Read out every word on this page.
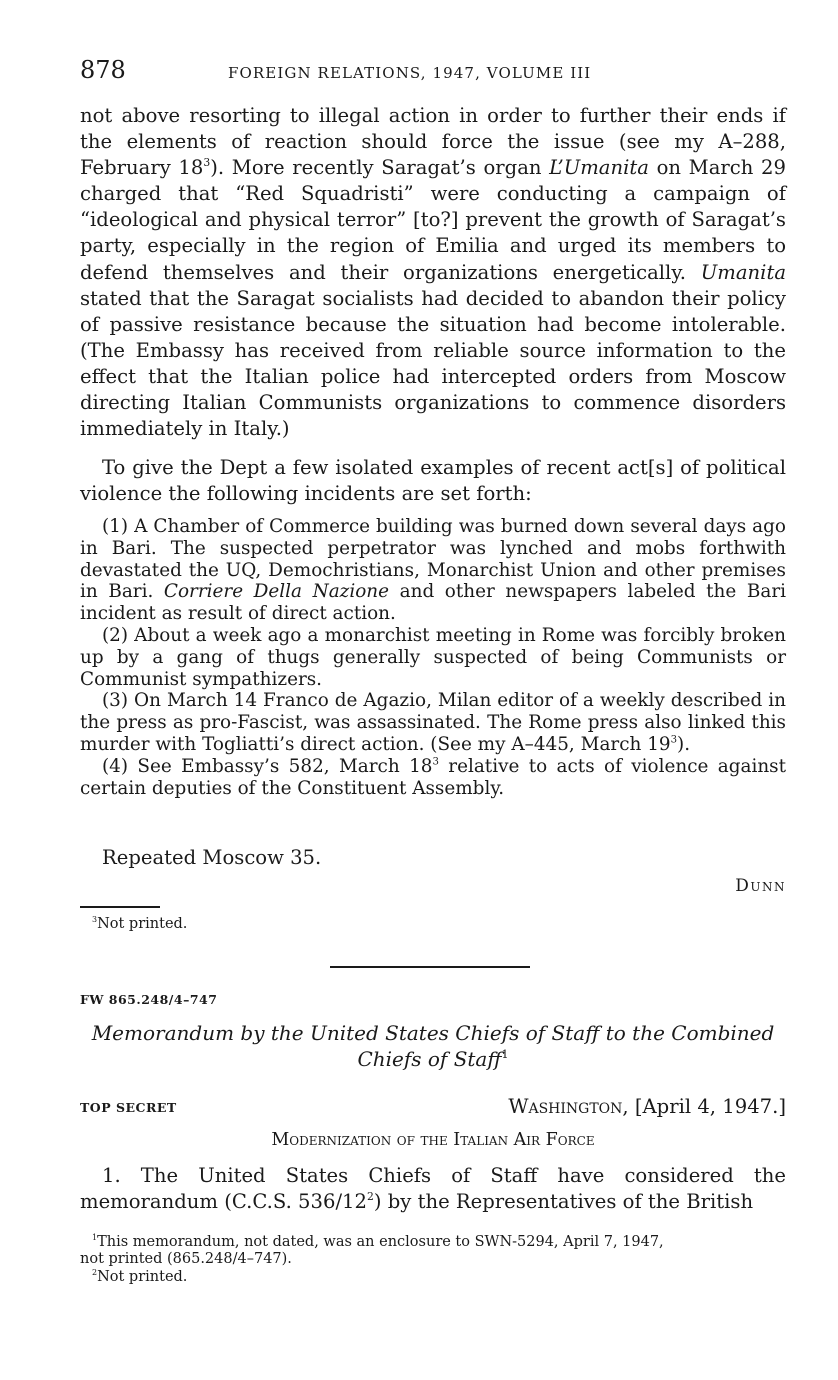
878	FOREIGN RELATIONS, 1947, VOLUME III
not above resorting to illegal action in order to further their ends if the elements of reaction should force the issue (see my A–288, February $18^3$). More recently Saragat’s organ L’Umanita on March 29 charged that “Red Squadristi” were conducting a campaign of “ideological and physical terror” [to?] prevent the growth of Saragat’s party, especially in the region of Emilia and urged its members to defend themselves and their organizations energetically. Umanita stated that the Saragat socialists had decided to abandon their policy of passive resistance because the situation had become intolerable. (The Embassy has received from reliable source information to the effect that the Italian police had intercepted orders from Moscow directing Italian Communists organizations to commence disorders immediately in Italy.)
To give the Dept a few isolated examples of recent act[s] of political violence the following incidents are set forth:

(1) A Chamber of Commerce building was burned down several days ago in Bari. The suspected perpetrator was lynched and mobs forthwith devastated the UQ, Demochristians, Monarchist Union and other premises in Bari. Corriere Della Nazione and other newspapers labeled the Bari incident as result of direct action.

(2) About a week ago a monarchist meeting in Rome was forcibly broken up by a gang of thugs generally suspected of being Communists or Communist sympathizers.

(3) On March 14 Franco de Agazio, Milan editor of a weekly described in the press as pro-Fascist, was assassinated. The Rome press also linked this murder with Togliatti’s direct action. (See my A–445, March $19^3$).

(4) See Embassy’s 582, March $18^3$ relative to acts of violence against certain deputies of the Constituent Assembly.

Repeated Moscow 35.
Dunn
$^3$Not printed.
FW 865.248/4–747
Memorandum by the United States Chiefs of Staff to the Combined Chiefs of Staff$^1$
TOP SECRET	Washington, [April 4, 1947.]
Modernization of the Italian Air Force
1. The United States Chiefs of Staff have considered the memorandum (C.C.S. $536/12^2$) by the Representatives of the British
$^1$This memorandum, not dated, was an enclosure to SWN-5294, April 7, 1947,
not printed (865.248/4–747).
$^2$Not printed.
